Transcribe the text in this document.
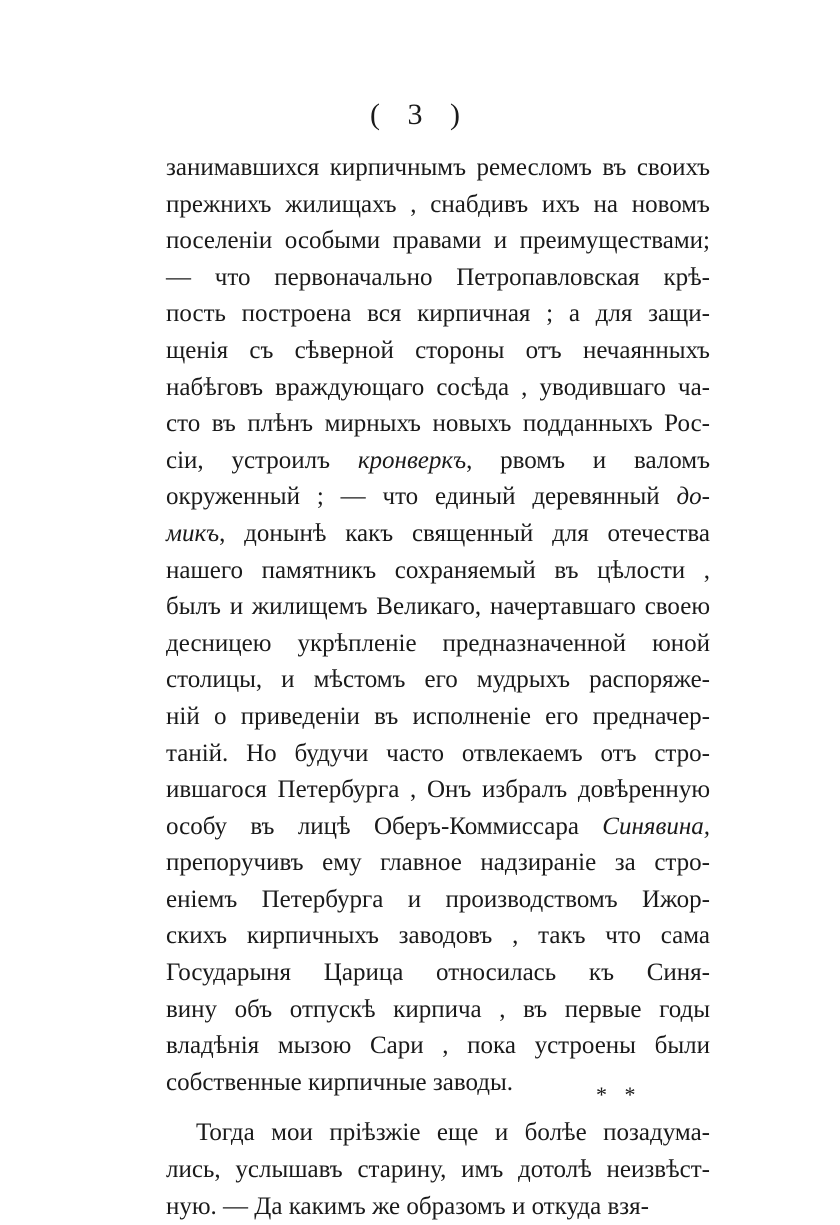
( 3 )
занимавшихся кирпичнымъ ремесломъ въ своихъ
прежнихъ жилищахъ , снабдивъ ихъ на новомъ
поселеніи особыми правами и преимуществами;
— что первоначально Петропавловская крѣ-
пость построена вся кирпичная ; а для защи-
щенія съ сѣверной стороны отъ нечаянныхъ
набѣговъ враждующаго сосѣда , уводившаго ча-
сто въ плѣнъ мирныхъ новыхъ подданныхъ Рос-
сіи, устроилъ кронверкъ, рвомъ и валомъ
окруженный ; — что единый деревянный до-
микъ, донынѣ какъ священный для отечества
нашего памятникъ сохраняемый въ цѣлости ,
былъ и жилищемъ Великаго, начертавшаго своею
десницею укрѣпленіе предназначенной юной
столицы, и мѣстомъ его мудрыхъ распоряже-
ній о приведеніи въ исполненіе его предначер-
таній. Но будучи часто отвлекаемъ отъ стро-
ившагося Петербурга , Онъ избралъ довѣренную
особу въ лицѣ Оберъ-Коммиссара Синявина,
препоручивъ ему главное надзираніе за стро-
еніемъ Петербурга и производствомъ Ижор-
скихъ кирпичныхъ заводовъ , такъ что сама
Государыня Царица относилась къ Синя-
вину объ отпускѣ кирпича , въ первые годы
владѣнія мызою Сари , пока устроены были
собственные кирпичные заводы.
Тогда мои пріѣзжіе еще и болѣе позадума-
лись, услышавъ старину, имъ дотолѣ неизвѣст-
ную. — Да какимъ же образомъ и откуда взя-
* *
